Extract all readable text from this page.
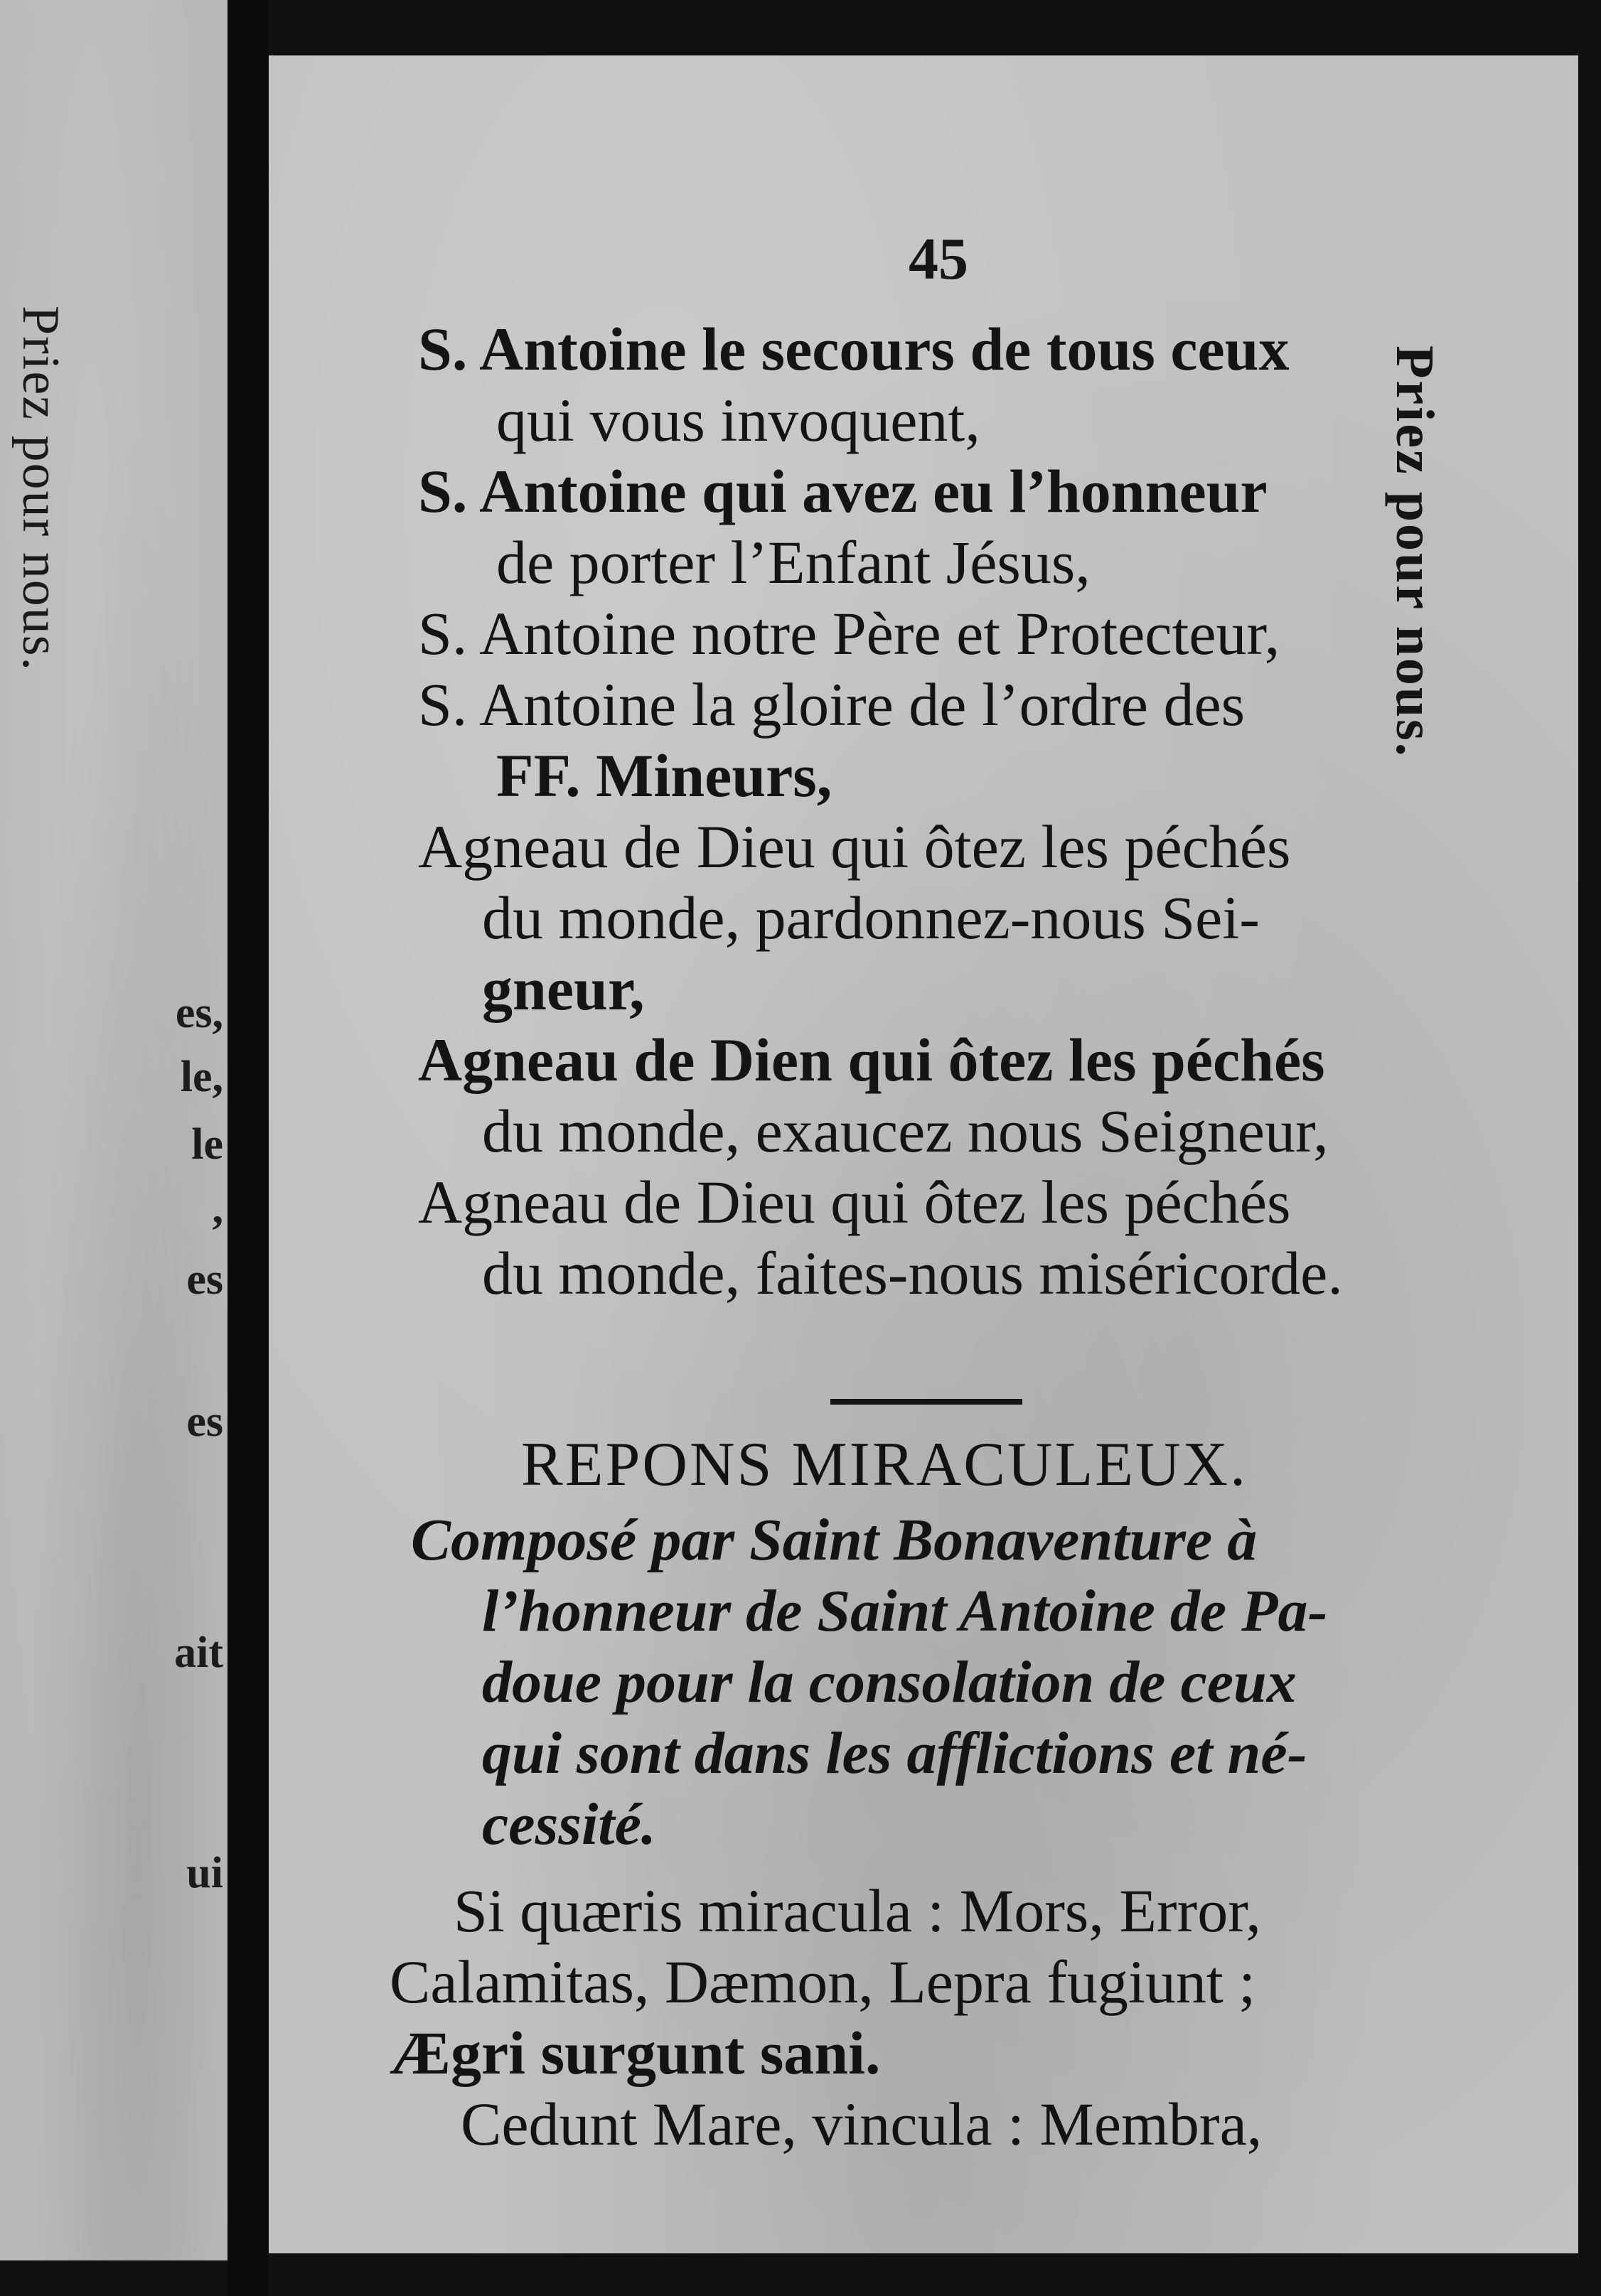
Priez pour nous.
es,
le,
le
,
es
es
ait
ui
45
Priez pour nous.
S. Antoine le secours de tous ceux
qui vous invoquent,
S. Antoine qui avez eu l’honneur
de porter l’Enfant Jésus,
S. Antoine notre Père et Protecteur,
S. Antoine la gloire de l’ordre des
FF. Mineurs,
Agneau de Dieu qui ôtez les péchés
du monde, pardonnez-nous Sei-
gneur,
Agneau de Dien qui ôtez les péchés
du monde, exaucez nous Seigneur,
Agneau de Dieu qui ôtez les péchés
du monde, faites-nous miséricorde.
REPONS MIRACULEUX.
Composé par Saint Bonaventure à
l’honneur de Saint Antoine de Pa-
doue pour la consolation de ceux
qui sont dans les afflictions et né-
cessité.
Si quæris miracula : Mors, Error,
Calamitas, Dæmon, Lepra fugiunt ;
Ægri surgunt sani.
Cedunt Mare, vincula : Membra,
